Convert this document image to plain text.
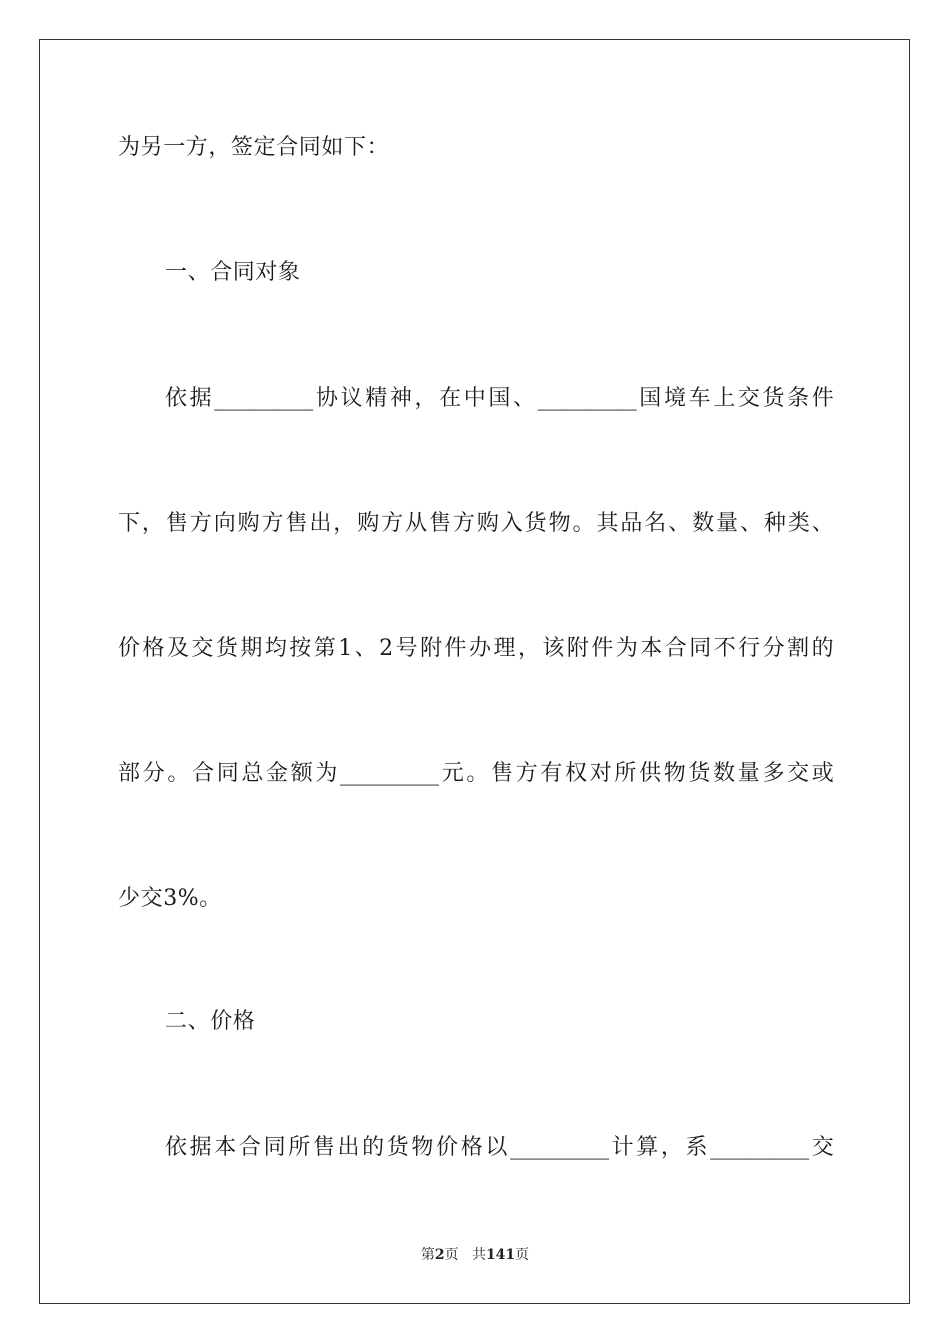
为另一方，签定合同如下：
一、合同对象
依 据 _________ 协 议 精 神 ， 在 中 国 、 _________ 国 境 车 上 交 货 条 件
下 ， 售 方 向 购 方 售 出 ， 购 方 从 售 方 购 入 货 物 。 其 品 名 、 数 量 、 种 类 、
价 格 及 交 货 期 均 按 第 1 、 2 号 附 件 办 理 ， 该 附 件 为 本 合 同 不 行 分 割 的
部 分 。 合 同 总 金 额 为 _________ 元 。 售 方 有 权 对 所 供 物 货 数 量 多 交 或
少交3%。
二、价格
依 据 本 合 同 所 售 出 的 货 物 价 格 以 _________ 计 算 ， 系 _________ 交
第2页 共141页
